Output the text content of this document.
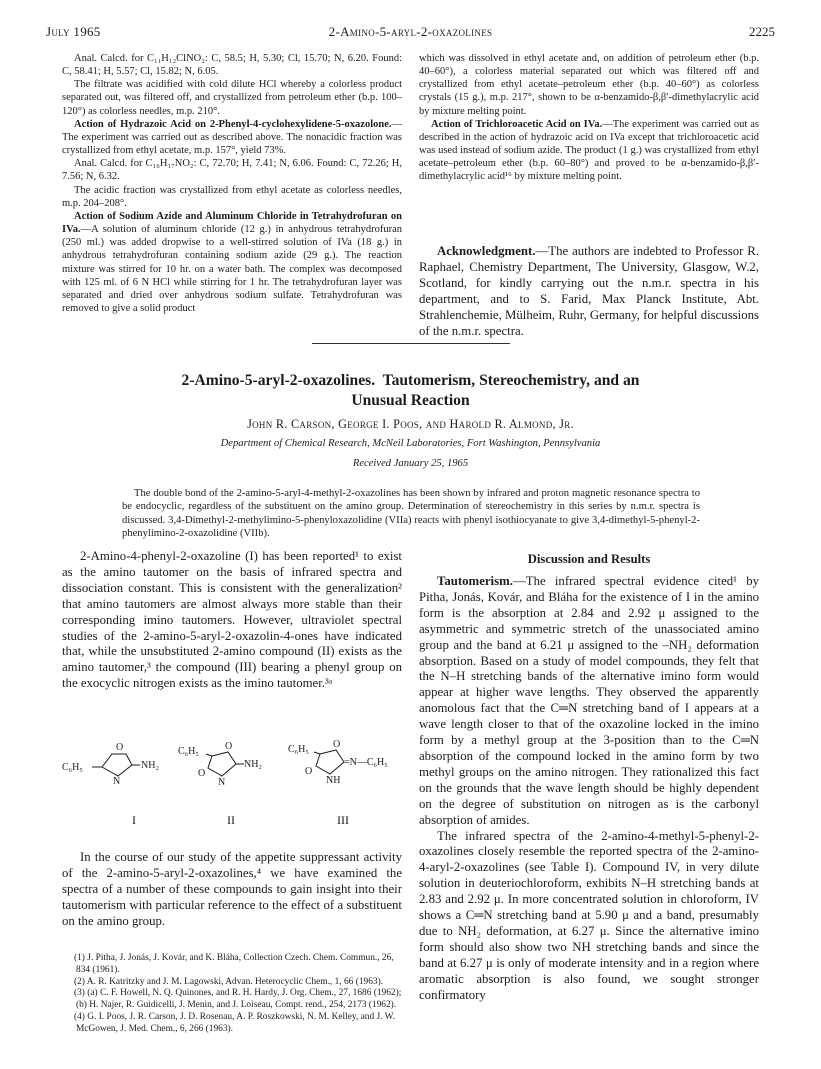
July 1965	2-Amino-5-aryl-2-oxazolines	2225

Anal. Calcd. for C₁₁H₁₂ClNO₂: C, 58.5; H, 5.30; Cl, 15.70; N, 6.20. Found: C, 58.41; H, 5.57; Cl, 15.82; N, 6.05.

The filtrate was acidified with cold dilute HCl whereby a colorless product separated out, was filtered off, and crystallized from petroleum ether (b.p. 100–120°) as colorless needles, m.p. 210°.

Action of Hydrazoic Acid on 2-Phenyl-4-cyclohexylidene-5-oxazolone.—The experiment was carried out as described above. The nonacidic fraction was crystallized from ethyl acetate, m.p. 157°, yield 73%.

Anal. Calcd. for C₁₆H₁₇NO₂: C, 72.70; H, 7.41; N, 6.06. Found: C, 72.26; H, 7.56; N, 6.32.

The acidic fraction was crystallized from ethyl acetate as colorless needles, m.p. 204–208°.

Action of Sodium Azide and Aluminum Chloride in Tetrahydrofuran on IVa.—A solution of aluminum chloride (12 g.) in anhydrous tetrahydrofuran (250 ml.) was added dropwise to a well-stirred solution of IVa (18 g.) in anhydrous tetrahydrofuran containing sodium azide (29 g.). The reaction mixture was stirred for 10 hr. on a water bath. The complex was decomposed with 125 ml. of 6 N HCl while stirring for 1 hr. The tetrahydrofuran layer was separated and dried over anhydrous sodium sulfate. Tetrahydrofuran was removed to give a solid product

which was dissolved in ethyl acetate and, on addition of petroleum ether (b.p. 40–60°), a colorless material separated out which was filtered off and crystallized from ethyl acetate–petroleum ether (b.p. 40–60°) as colorless crystals (15 g.), m.p. 217°, shown to be α-benzamido-β,β′-dimethylacrylic acid by mixture melting point.

Action of Trichloroacetic Acid on IVa.—The experiment was carried out as described in the action of hydrazoic acid on IVa except that trichloroacetic acid was used instead of sodium azide. The product (1 g.) was crystallized from ethyl acetate–petroleum ether (b.p. 60–80°) and proved to be α-benzamido-β,β′-dimethylacrylic acid¹⁶ by mixture melting point.

Acknowledgment.—The authors are indebted to Professor R. Raphael, Chemistry Department, The University, Glasgow, W.2, Scotland, for kindly carrying out the n.m.r. spectra in his department, and to S. Farid, Max Planck Institute, Abt. Strahlenchemie, Mülheim, Ruhr, Germany, for helpful discussions of the n.m.r. spectra.

2-Amino-5-aryl-2-oxazolines.  Tautomerism, Stereochemistry, and an
Unusual Reaction
John R. Carson, George I. Poos, and Harold R. Almond, Jr.
Department of Chemical Research, McNeil Laboratories, Fort Washington, Pennsylvania
Received January 25, 1965

The double bond of the 2-amino-5-aryl-4-methyl-2-oxazolines has been shown by infrared and proton magnetic resonance spectra to be endocyclic, regardless of the substituent on the amino group. Determination of stereochemistry in this series by n.m.r. spectra is discussed. 3,4-Dimethyl-2-methylimino-5-phenyloxazolidine (VIIa) reacts with phenyl isothiocyanate to give 3,4-dimethyl-5-phenyl-2-phenylimino-2-oxazolidine (VIIb).

2-Amino-4-phenyl-2-oxazoline (I) has been reported¹ to exist as the amino tautomer on the basis of infrared spectra and dissociation constant. This is consistent with the generalization² that amino tautomers are almost always more stable than their corresponding imino tautomers. However, ultraviolet spectral studies of the 2-amino-5-aryl-2-oxazolin-4-ones have indicated that, while the unsubstituted 2-amino compound (II) exists as the amino tautomer,³ the compound (III) bearing a phenyl group on the exocyclic nitrogen exists as the imino tautomer.³ᵃ

C₆H₅
O
N
NH₂
C₆H₅	O
O
N
NH₂
C₆H₅ O
O
NH
=N—C₆H₅
I	II	III

In the course of our study of the appetite suppressant activity of the 2-amino-5-aryl-2-oxazolines,⁴ we have examined the spectra of a number of these compounds to gain insight into their tautomerism with particular reference to the effect of a substituent on the amino group.

(1) J. Pitha, J. Jonás, J. Kovár, and K. Bláha, Collection Czech. Chem. Commun., 26, 834 (1961).

(2) A. R. Katritzky and J. M. Lagowski, Advan. Heterocyclic Chem., 1, 66 (1963).

(3) (a) C. F. Howell, N. Q. Quinones, and R. H. Hardy, J. Org. Chem., 27, 1686 (1962); (b) H. Najer, R. Guidicelli, J. Menin, and J. Loiseau, Compt. rend., 254, 2173 (1962).

(4) G. I. Poos, J. R. Carson, J. D. Rosenau, A. P. Roszkowski, N. M. Kelley, and J. W. McGowen, J. Med. Chem., 6, 266 (1963).

Discussion and Results

Tautomerism.—The infrared spectral evidence cited¹ by Pitha, Jonás, Kovár, and Bláha for the existence of I in the amino form is the absorption at 2.84 and 2.92 μ assigned to the asymmetric and symmetric stretch of the unassociated amino group and the band at 6.21 μ assigned to the –NH₂ deformation absorption. Based on a study of model compounds, they felt that the N–H stretching bands of the alternative imino form would appear at higher wave lengths. They observed the apparently anomolous fact that the C═N stretching band of I appears at a wave length closer to that of the oxazoline locked in the imino form by a methyl group at the 3-position than to the C═N absorption of the compound locked in the amino form by two methyl groups on the amino nitrogen. They rationalized this fact on the grounds that the wave length should be highly dependent on the degree of substitution on nitrogen as is the carbonyl absorption of amides.

The infrared spectra of the 2-amino-4-methyl-5-phenyl-2-oxazolines closely resemble the reported spectra of the 2-amino-4-aryl-2-oxazolines (see Table I). Compound IV, in very dilute solution in deuteriochloroform, exhibits N–H stretching bands at 2.83 and 2.92 μ. In more concentrated solution in chloroform, IV shows a C═N stretching band at 5.90 μ and a band, presumably due to NH₂ deformation, at 6.27 μ. Since the alternative imino form should also show two NH stretching bands and since the band at 6.27 μ is only of moderate intensity and in a region where aromatic absorption is also found, we sought stronger confirmatory
